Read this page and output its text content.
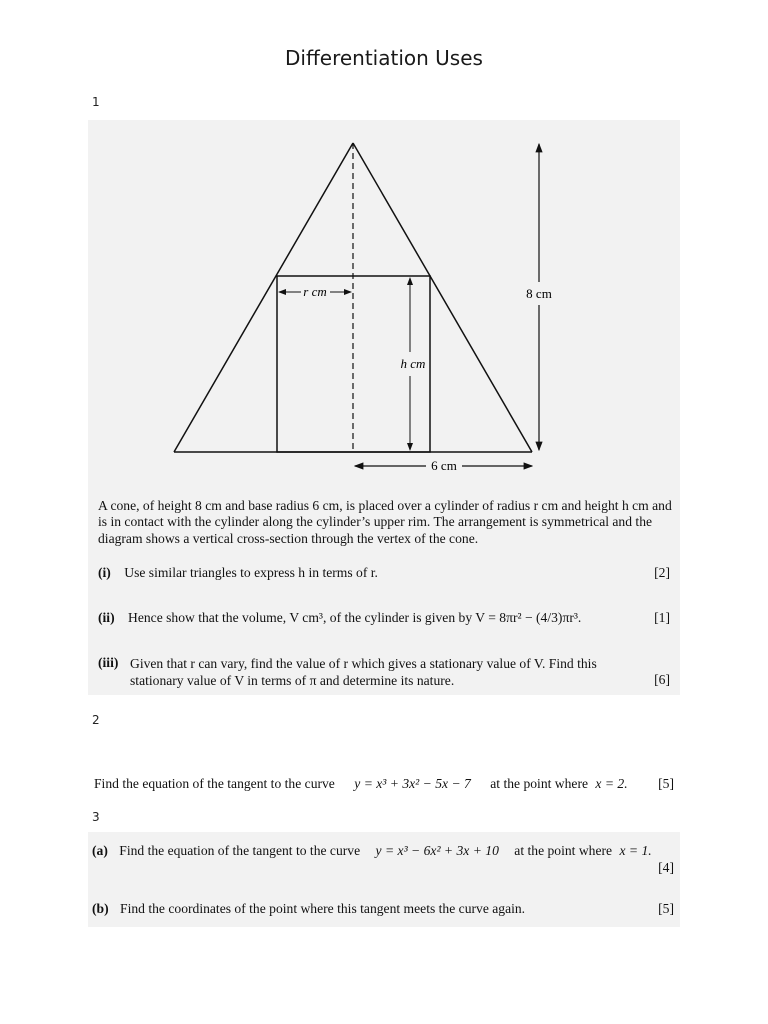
Differentiation Uses
1
r cm
h cm
8 cm
6 cm
A cone, of height 8 cm and base radius 6 cm, is placed over a cylinder of radius r cm and height h cm and is in contact with the cylinder along the cylinder’s upper rim. The arrangement is symmetrical and the diagram shows a vertical cross-section through the vertex of the cone.
(i) Use similar triangles to express h in terms of r.	[2]
(ii) Hence show that the volume, V cm³, of the cylinder is given by V = 8πr² − (4/3)πr³.	[1]
(iii) Given that r can vary, find the value of r which gives a stationary value of V. Find this stationary value of V in terms of π and determine its nature.	[6]
2
Find the equation of the tangent to the curve y = x³ + 3x² − 5x − 7 at the point where x = 2. [5]
3
(a) Find the equation of the tangent to the curve y = x³ − 6x² + 3x + 10 at the point where x = 1.
[4]
(b) Find the coordinates of the point where this tangent meets the curve again.	[5]
